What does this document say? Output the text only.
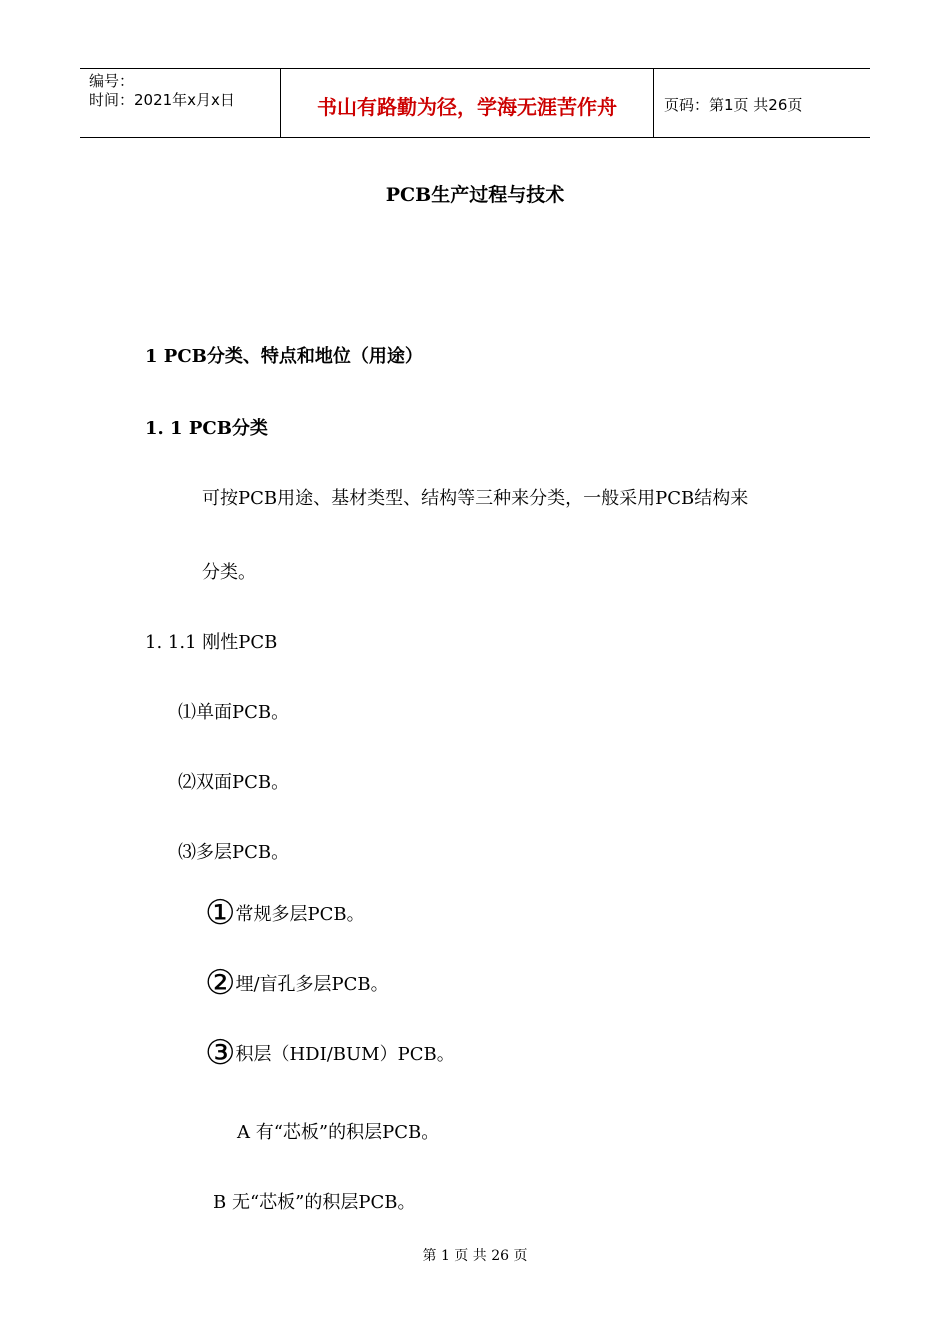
编号：
时间：2021年x月x日	书山有路勤为径，学海无涯苦作舟	页码：第1页 共26页
PCB生产过程与技术
1 PCB分类、特点和地位（用途）
1. 1 PCB分类
可按PCB用途、基材类型、结构等三种来分类，一般采用PCB结构来
分类。
1. 1.1 刚性PCB
⑴单面PCB。
⑵双面PCB。
⑶多层PCB。
①常规多层PCB。
②埋/盲孔多层PCB。
③积层（HDI/BUM）PCB。
A 有“芯板”的积层PCB。
B 无“芯板”的积层PCB。
第 1 页 共 26 页
